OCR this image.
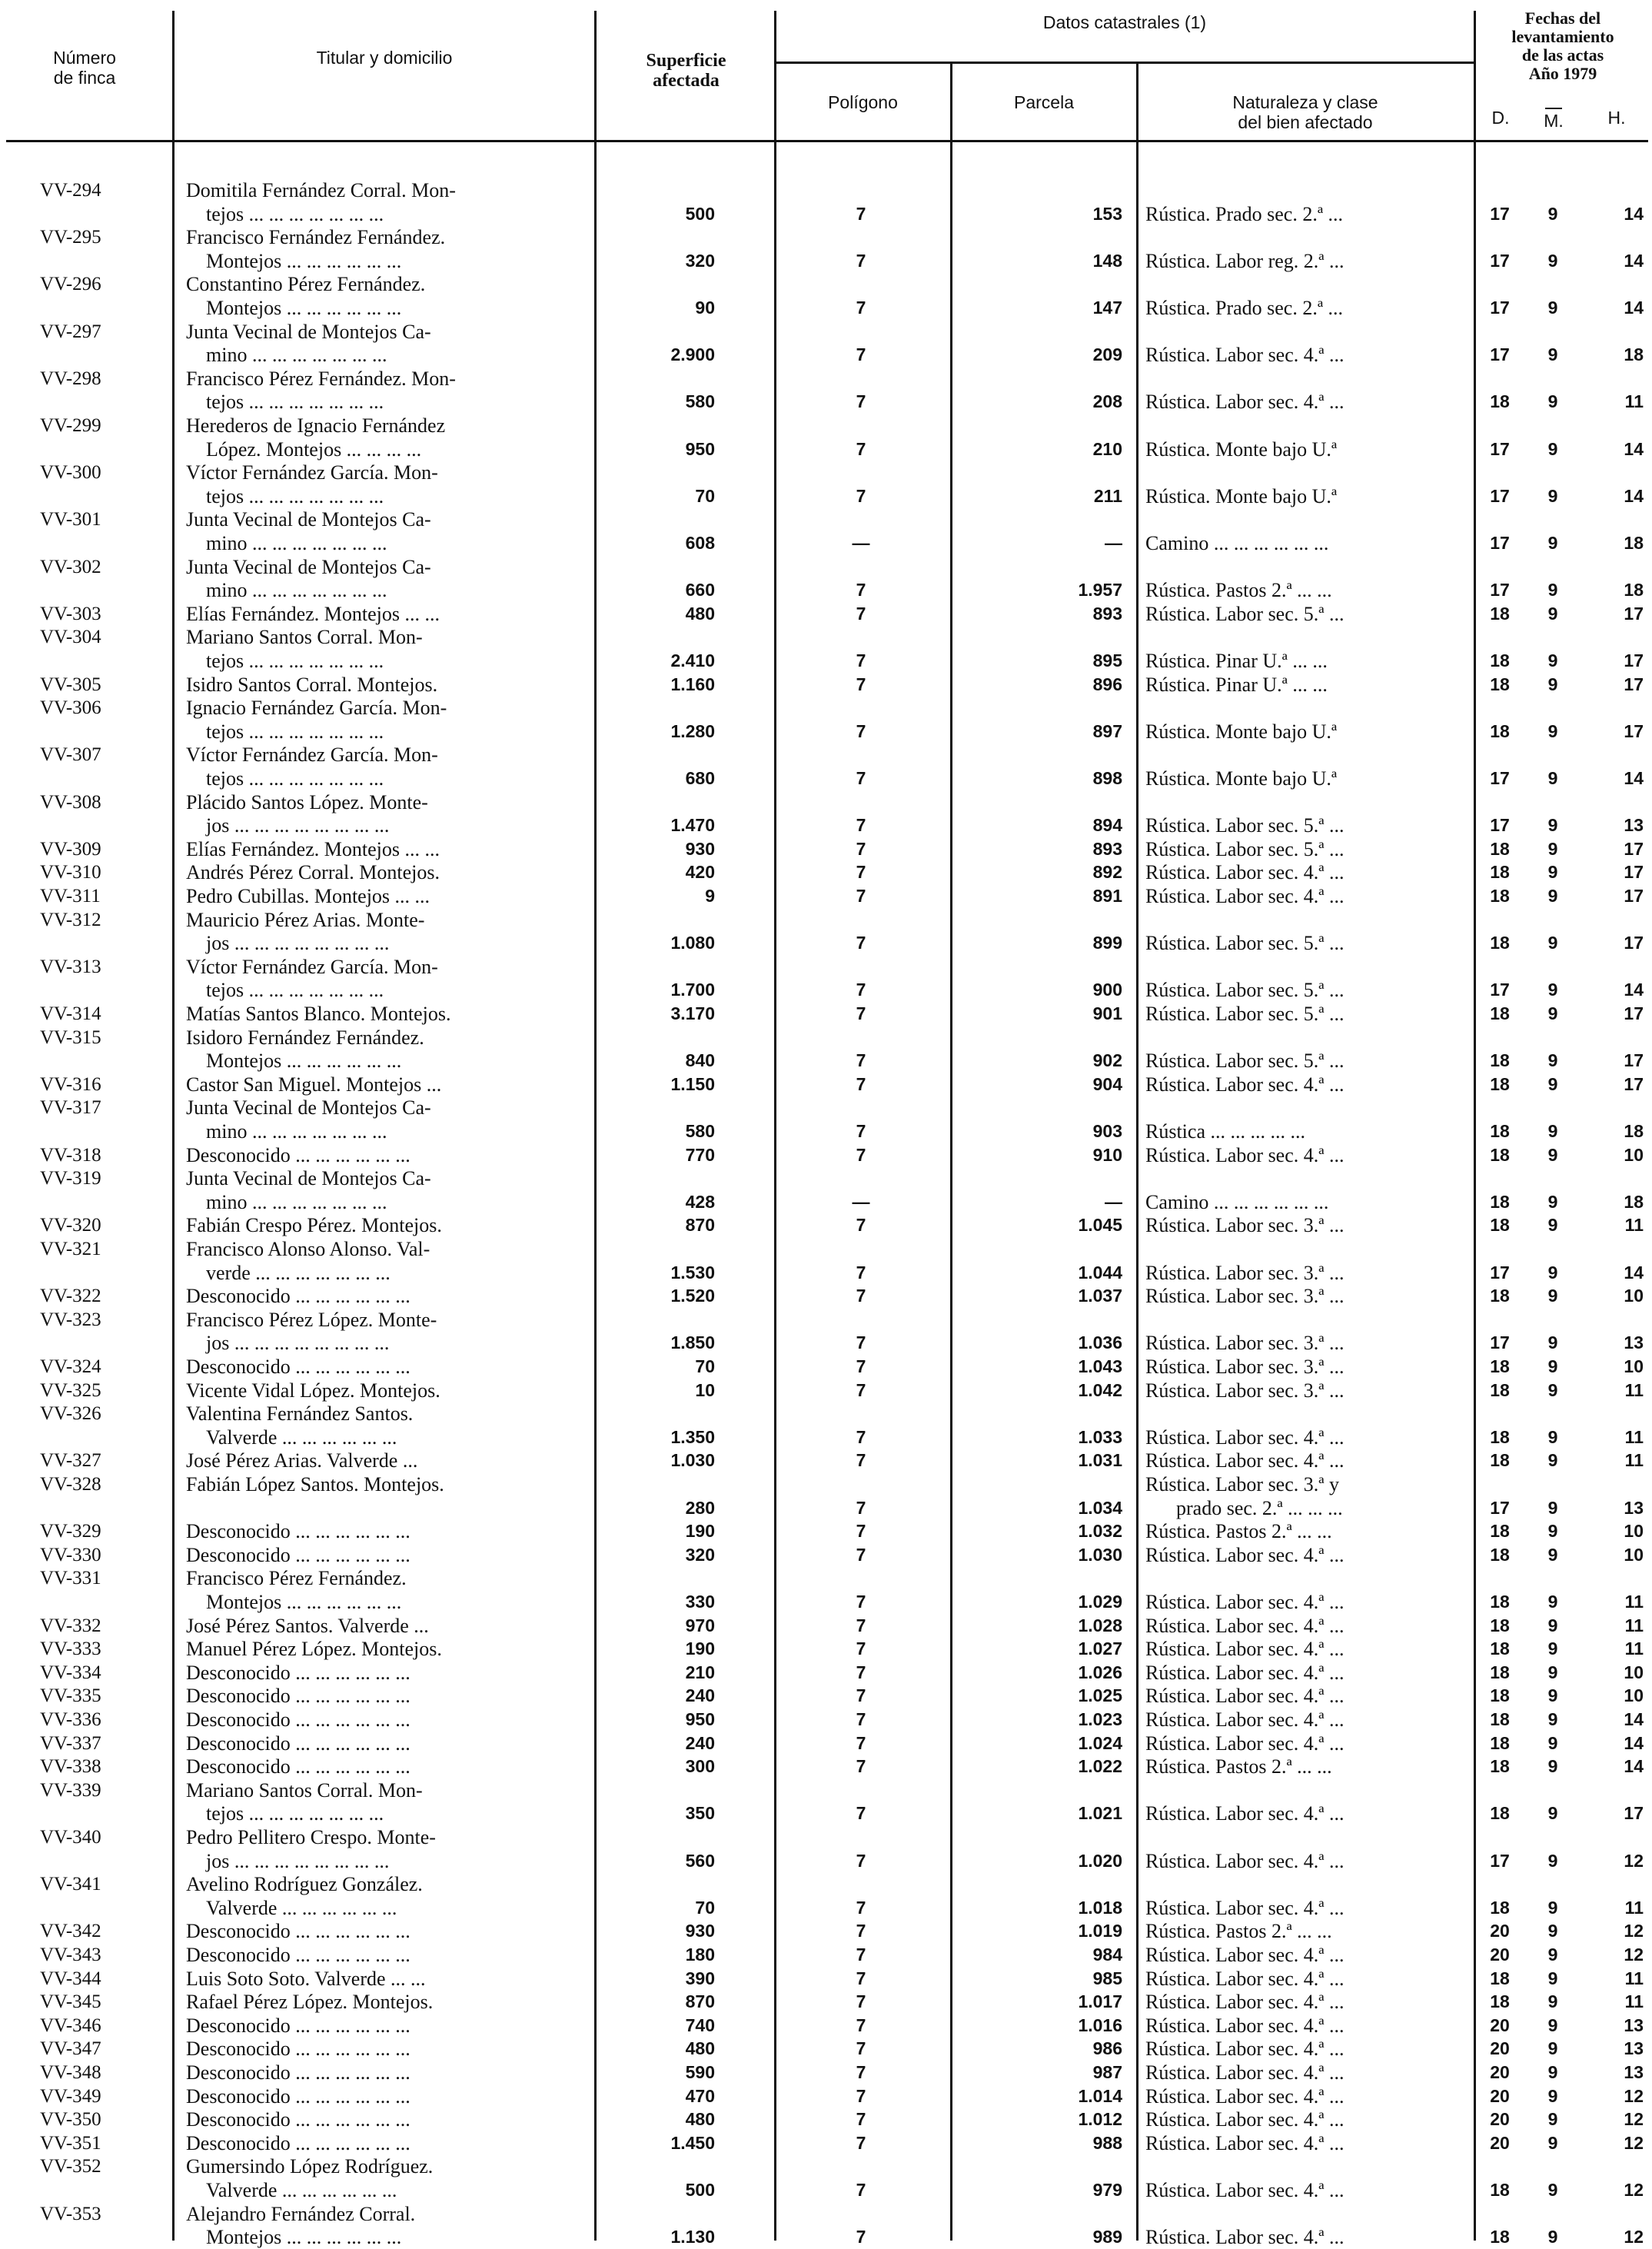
Número
de finca
Titular y domicilio	Superficie
afectada
Datos catastrales (1)
Polígono	Parcela	Naturaleza y clase
del bien afectado
Fechas del
levantamiento
de las actas
Año 1979
D.	M.	H.
VV-294	Domitila Fernández Corral. Mon-
tejos ... ... ... ... ... ... ...	500	7	153 Rústica. Prado sec. 2.ª ...	17	9	14
VV-295	Francisco Fernández Fernández.
Montejos ... ... ... ... ... ...	320	7	148 Rústica. Labor reg. 2.ª ...	17	9	14
VV-296	Constantino Pérez Fernández.
Montejos ... ... ... ... ... ...	90	7	147 Rústica. Prado sec. 2.ª ...	17	9	14
VV-297	Junta Vecinal de Montejos Ca-
mino ... ... ... ... ... ... ...	2.900	7	209 Rústica. Labor sec. 4.ª ...	17	9	18
VV-298	Francisco Pérez Fernández. Mon-
tejos ... ... ... ... ... ... ...	580	7	208 Rústica. Labor sec. 4.ª ...	18	9	11
VV-299	Herederos de Ignacio Fernández
López. Montejos ... ... ... ...	950	7	210 Rústica. Monte bajo U.ª	17	9	14
VV-300	Víctor Fernández García. Mon-
tejos ... ... ... ... ... ... ...	70	7	211 Rústica. Monte bajo U.ª	17	9	14
VV-301	Junta Vecinal de Montejos Ca-
mino ... ... ... ... ... ... ...	608	—	— Camino ... ... ... ... ... ...	17	9	18
VV-302	Junta Vecinal de Montejos Ca-
mino ... ... ... ... ... ... ...	660	7	1.957 Rústica. Pastos 2.ª ... ...	17	9	18
VV-303	Elías Fernández. Montejos ... ...	480	7	893 Rústica. Labor sec. 5.ª ...	18	9	17
VV-304	Mariano Santos Corral. Mon-
tejos ... ... ... ... ... ... ...	2.410	7	895 Rústica. Pinar U.ª ... ...	18	9	17
VV-305	Isidro Santos Corral. Montejos.	1.160	7	896 Rústica. Pinar U.ª ... ...	18	9	17
VV-306	Ignacio Fernández García. Mon-
tejos ... ... ... ... ... ... ...	1.280	7	897 Rústica. Monte bajo U.ª	18	9	17
VV-307	Víctor Fernández García. Mon-
tejos ... ... ... ... ... ... ...	680	7	898 Rústica. Monte bajo U.ª	17	9	14
VV-308	Plácido Santos López. Monte-
jos ... ... ... ... ... ... ... ...	1.470	7	894 Rústica. Labor sec. 5.ª ...	17	9	13
VV-309	Elías Fernández. Montejos ... ...	930	7	893 Rústica. Labor sec. 5.ª ...	18	9	17
VV-310	Andrés Pérez Corral. Montejos.	420	7	892 Rústica. Labor sec. 4.ª ...	18	9	17
VV-311	Pedro Cubillas. Montejos ... ...	9	7	891 Rústica. Labor sec. 4.ª ...	18	9	17
VV-312	Mauricio Pérez Arias. Monte-
jos ... ... ... ... ... ... ... ...	1.080	7	899 Rústica. Labor sec. 5.ª ...	18	9	17
VV-313	Víctor Fernández García. Mon-
tejos ... ... ... ... ... ... ...	1.700	7	900 Rústica. Labor sec. 5.ª ...	17	9	14
VV-314	Matías Santos Blanco. Montejos.	3.170	7	901 Rústica. Labor sec. 5.ª ...	18	9	17
VV-315	Isidoro Fernández Fernández.
Montejos ... ... ... ... ... ...	840	7	902 Rústica. Labor sec. 5.ª ...	18	9	17
VV-316	Castor San Miguel. Montejos ...	1.150	7	904 Rústica. Labor sec. 4.ª ...	18	9	17
VV-317	Junta Vecinal de Montejos Ca-
mino ... ... ... ... ... ... ...	580	7	903 Rústica ... ... ... ... ...	18	9	18
VV-318	Desconocido ... ... ... ... ... ...	770	7	910 Rústica. Labor sec. 4.ª ...	18	9	10
VV-319	Junta Vecinal de Montejos Ca-
mino ... ... ... ... ... ... ...	428	—	— Camino ... ... ... ... ... ...	18	9	18
VV-320	Fabián Crespo Pérez. Montejos.	870	7	1.045 Rústica. Labor sec. 3.ª ...	18	9	11
VV-321	Francisco Alonso Alonso. Val-
verde ... ... ... ... ... ... ...	1.530	7	1.044 Rústica. Labor sec. 3.ª ...	17	9	14
VV-322	Desconocido ... ... ... ... ... ...	1.520	7	1.037 Rústica. Labor sec. 3.ª ...	18	9	10
VV-323	Francisco Pérez López. Monte-
jos ... ... ... ... ... ... ... ...	1.850	7	1.036 Rústica. Labor sec. 3.ª ...	17	9	13
VV-324	Desconocido ... ... ... ... ... ...	70	7	1.043 Rústica. Labor sec. 3.ª ...	18	9	10
VV-325	Vicente Vidal López. Montejos.	10	7	1.042 Rústica. Labor sec. 3.ª ...	18	9	11
VV-326	Valentina Fernández Santos.
Valverde ... ... ... ... ... ...	1.350	7	1.033 Rústica. Labor sec. 4.ª ...	18	9	11
VV-327	José Pérez Arias. Valverde ...	1.030	7	1.031 Rústica. Labor sec. 4.ª ...	18	9	11
VV-328	Fabián López Santos. Montejos.
280	7	1.034
Rústica. Labor sec. 3.ª y
prado sec. 2.ª ... ... ...	17	9	13
VV-329	Desconocido ... ... ... ... ... ...	190	7	1.032 Rústica. Pastos 2.ª ... ...	18	9	10
VV-330	Desconocido ... ... ... ... ... ...	320	7	1.030 Rústica. Labor sec. 4.ª ...	18	9	10
VV-331	Francisco Pérez Fernández.
Montejos ... ... ... ... ... ...	330	7	1.029 Rústica. Labor sec. 4.ª ...	18	9	11
VV-332	José Pérez Santos. Valverde ...	970	7	1.028 Rústica. Labor sec. 4.ª ...	18	9	11
VV-333	Manuel Pérez López. Montejos.	190	7	1.027 Rústica. Labor sec. 4.ª ...	18	9	11
VV-334	Desconocido ... ... ... ... ... ...	210	7	1.026 Rústica. Labor sec. 4.ª ...	18	9	10
VV-335	Desconocido ... ... ... ... ... ...	240	7	1.025 Rústica. Labor sec. 4.ª ...	18	9	10
VV-336	Desconocido ... ... ... ... ... ...	950	7	1.023 Rústica. Labor sec. 4.ª ...	18	9	14
VV-337	Desconocido ... ... ... ... ... ...	240	7	1.024 Rústica. Labor sec. 4.ª ...	18	9	14
VV-338	Desconocido ... ... ... ... ... ...	300	7	1.022 Rústica. Pastos 2.ª ... ...	18	9	14
VV-339	Mariano Santos Corral. Mon-
tejos ... ... ... ... ... ... ...	350	7	1.021 Rústica. Labor sec. 4.ª ...	18	9	17
VV-340	Pedro Pellitero Crespo. Monte-
jos ... ... ... ... ... ... ... ...	560	7	1.020 Rústica. Labor sec. 4.ª ...	17	9	12
VV-341	Avelino Rodríguez González.
Valverde ... ... ... ... ... ...	70	7	1.018 Rústica. Labor sec. 4.ª ...	18	9	11
VV-342	Desconocido ... ... ... ... ... ...	930	7	1.019 Rústica. Pastos 2.ª ... ...	20	9	12
VV-343	Desconocido ... ... ... ... ... ...	180	7	984 Rústica. Labor sec. 4.ª ...	20	9	12
VV-344	Luis Soto Soto. Valverde ... ...	390	7	985 Rústica. Labor sec. 4.ª ...	18	9	11
VV-345	Rafael Pérez López. Montejos.	870	7	1.017 Rústica. Labor sec. 4.ª ...	18	9	11
VV-346	Desconocido ... ... ... ... ... ...	740	7	1.016 Rústica. Labor sec. 4.ª ...	20	9	13
VV-347	Desconocido ... ... ... ... ... ...	480	7	986 Rústica. Labor sec. 4.ª ...	20	9	13
VV-348	Desconocido ... ... ... ... ... ...	590	7	987 Rústica. Labor sec. 4.ª ...	20	9	13
VV-349	Desconocido ... ... ... ... ... ...	470	7	1.014 Rústica. Labor sec. 4.ª ...	20	9	12
VV-350	Desconocido ... ... ... ... ... ...	480	7	1.012 Rústica. Labor sec. 4.ª ...	20	9	12
VV-351	Desconocido ... ... ... ... ... ...	1.450	7	988 Rústica. Labor sec. 4.ª ...	20	9	12
VV-352	Gumersindo López Rodríguez.
Valverde ... ... ... ... ... ...	500	7	979 Rústica. Labor sec. 4.ª ...	18	9	12
VV-353	Alejandro Fernández Corral.
Montejos ... ... ... ... ... ...	1.130	7	989 Rústica. Labor sec. 4.ª ...	18	9	12
